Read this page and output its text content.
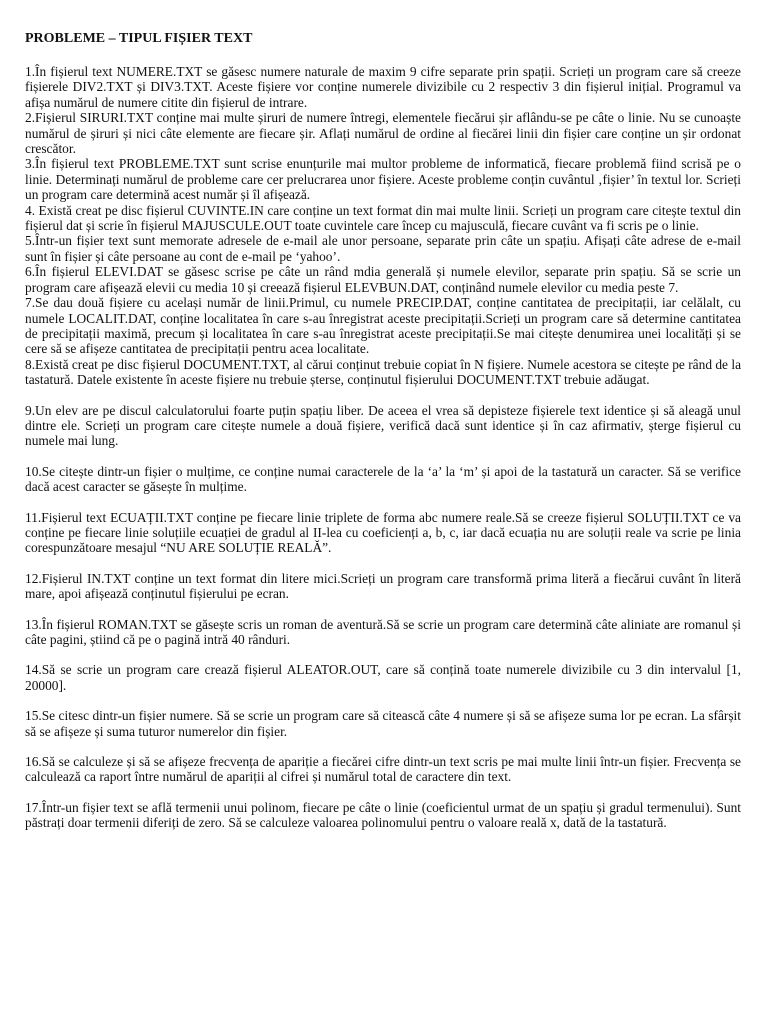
PROBLEME – TIPUL FIȘIER TEXT

1.În fișierul text NUMERE.TXT se găsesc numere naturale de maxim 9 cifre separate prin spații. Scrieți un program care să creeze fișierele DIV2.TXT și DIV3.TXT. Aceste fișiere vor conține numerele divizibile cu 2 respectiv 3 din fișierul inițial. Programul va afișa numărul de numere citite din fișierul de intrare.

2.Fișierul SIRURI.TXT conține mai multe șiruri de numere întregi, elementele fiecărui șir aflându-se pe câte o linie. Nu se cunoaște numărul de șiruri și nici câte elemente are fiecare șir. Aflați numărul de ordine al fiecărei linii din fișier care conține un șir ordonat crescător.

3.În fișierul text PROBLEME.TXT sunt scrise enunțurile mai multor probleme de informatică, fiecare problemă fiind scrisă pe o linie. Determinați numărul de probleme care cer prelucrarea unor fișiere. Aceste probleme conțin cuvântul ‚fișier’ în textul lor. Scrieți un program care determină acest număr și îl afișează.

4. Există creat pe disc fișierul CUVINTE.IN care conține un text format din mai multe linii. Scrieți un program care citește textul din fișierul dat și scrie în fișierul MAJUSCULE.OUT toate cuvintele care încep cu majusculă, fiecare cuvânt va fi scris pe o linie.

5.Într-un fișier text sunt memorate adresele de e-mail ale unor persoane, separate prin câte un spațiu. Afișați câte adrese de e-mail sunt în fișier și câte persoane au cont de e-mail pe ‘yahoo’.

6.În fișierul ELEVI.DAT se găsesc scrise pe câte un rând mdia generală și numele elevilor, separate prin spațiu. Să se scrie un program care afișează elevii cu media 10 și creează fișierul ELEVBUN.DAT, conținând numele elevilor cu media peste 7.

7.Se dau două fișiere cu același număr de linii.Primul, cu numele PRECIP.DAT, conține cantitatea de precipitații, iar celălalt, cu numele LOCALIT.DAT, conține localitatea în care s-au înregistrat aceste precipitații.Scrieți un program care să determine cantitatea de precipitații maximă, precum și localitatea în care s-au înregistrat aceste precipitații.Se mai citește denumirea unei localități și se cere să se afișeze cantitatea de precipitații pentru acea localitate.

8.Există creat pe disc fișierul DOCUMENT.TXT, al cărui conținut trebuie copiat în N fișiere. Numele acestora se citește pe rând de la tastatură. Datele existente în aceste fișiere nu trebuie șterse, conținutul fișierului DOCUMENT.TXT trebuie adăugat.

9.Un elev are pe discul calculatorului foarte puțin spațiu liber. De aceea el vrea să depisteze fișierele text identice și să aleagă unul dintre ele. Scrieți un program care citește numele a două fișiere, verifică dacă sunt identice și în caz afirmativ, șterge fișierul cu numele mai lung.

10.Se citește dintr-un fișier o mulțime, ce conține numai caracterele de la ‘a’ la ‘m’ și apoi de la tastatură un caracter. Să se verifice dacă acest caracter se găsește în mulțime.

11.Fișierul text ECUAȚII.TXT conține pe fiecare linie triplete de forma abc numere reale.Să se creeze fișierul SOLUȚII.TXT ce va conține pe fiecare linie soluțiile ecuației de gradul al II-lea cu coeficienți a, b, c, iar dacă ecuația nu are soluții reale va scrie pe linia corespunzătoare mesajul “NU ARE SOLUȚIE REALĂ”.

12.Fișierul IN.TXT conține un text format din litere mici.Scrieți un program care transformă prima literă a fiecărui cuvânt în literă mare, apoi afișează conținutul fișierului pe ecran.

13.În fișierul ROMAN.TXT se găsește scris un roman de aventură.Să se scrie un program care determină câte aliniate are romanul și câte pagini, știind că pe o pagină intră 40 rânduri.

14.Să se scrie un program care crează fișierul ALEATOR.OUT, care să conțină toate numerele divizibile cu 3 din intervalul [1, 20000].

15.Se citesc dintr-un fișier numere. Să se scrie un program care să citească câte 4 numere și să se afișeze suma lor pe ecran. La sfârșit să se afișeze și suma tuturor numerelor din fișier.

16.Să se calculeze și să se afișeze frecvența de apariție a fiecărei cifre dintr-un text scris pe mai multe linii într-un fișier. Frecvența se calculează ca raport între numărul de apariții al cifrei și numărul total de caractere din text.

17.Într-un fișier text se află termenii unui polinom, fiecare pe câte o linie (coeficientul urmat de un spațiu și gradul termenului). Sunt păstrați doar termenii diferiți de zero. Să se calculeze valoarea polinomului pentru o valoare reală x, dată de la tastatură.
